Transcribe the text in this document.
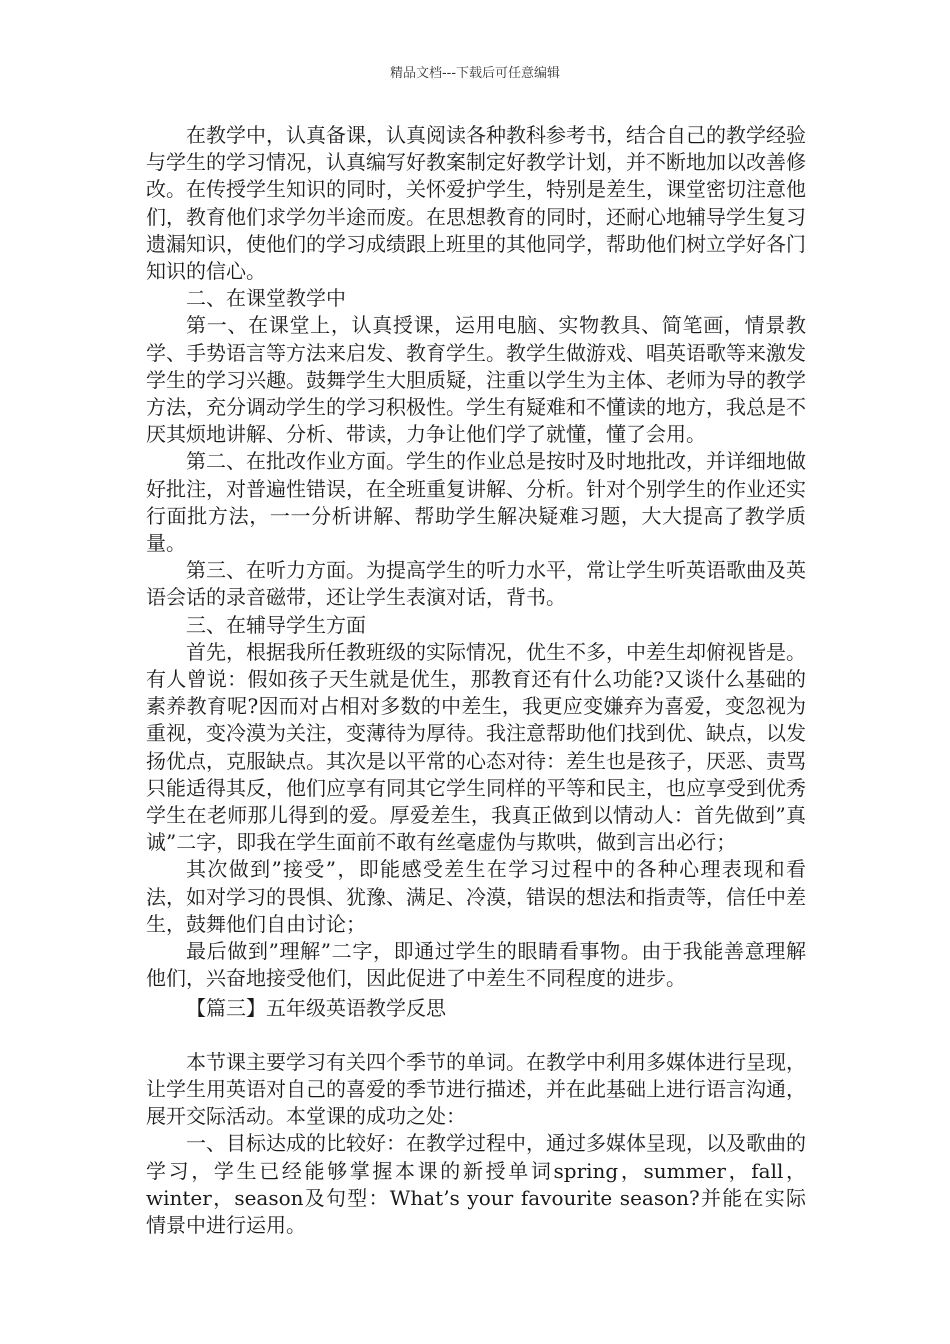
精品文档---下载后可任意编辑

在教学中，认真备课，认真阅读各种教科参考书，结合自己的教学经验与学生的学习情况，认真编写好教案制定好教学计划，并不断地加以改善修改。在传授学生知识的同时，关怀爱护学生，特别是差生，课堂密切注意他们，教育他们求学勿半途而废。在思想教育的同时，还耐心地辅导学生复习遗漏知识，使他们的学习成绩跟上班里的其他同学，帮助他们树立学好各门知识的信心。

二、在课堂教学中

第一、在课堂上，认真授课，运用电脑、实物教具、简笔画，情景教学、手势语言等方法来启发、教育学生。教学生做游戏、唱英语歌等来激发学生的学习兴趣。鼓舞学生大胆质疑，注重以学生为主体、老师为导的教学方法，充分调动学生的学习积极性。学生有疑难和不懂读的地方，我总是不厌其烦地讲解、分析、带读，力争让他们学了就懂，懂了会用。

第二、在批改作业方面。学生的作业总是按时及时地批改，并详细地做好批注，对普遍性错误，在全班重复讲解、分析。针对个别学生的作业还实行面批方法，一一分析讲解、帮助学生解决疑难习题，大大提高了教学质量。

第三、在听力方面。为提高学生的听力水平，常让学生听英语歌曲及英语会话的录音磁带，还让学生表演对话，背书。

三、在辅导学生方面

首先，根据我所任教班级的实际情况，优生不多，中差生却俯视皆是。有人曾说：假如孩子天生就是优生，那教育还有什么功能?又谈什么基础的素养教育呢?因而对占相对多数的中差生，我更应变嫌弃为喜爱，变忽视为重视，变冷漠为关注，变薄待为厚待。我注意帮助他们找到优、缺点，以发扬优点，克服缺点。其次是以平常的心态对待：差生也是孩子，厌恶、责骂只能适得其反，他们应享有同其它学生同样的平等和民主，也应享受到优秀学生在老师那儿得到的爱。厚爱差生，我真正做到以情动人：首先做到”真诚”二字，即我在学生面前不敢有丝毫虚伪与欺哄，做到言出必行；

其次做到”接受”，即能感受差生在学习过程中的各种心理表现和看法，如对学习的畏惧、犹豫、满足、冷漠，错误的想法和指责等，信任中差生，鼓舞他们自由讨论；

最后做到”理解”二字，即通过学生的眼睛看事物。由于我能善意理解他们，兴奋地接受他们，因此促进了中差生不同程度的进步。

【篇三】五年级英语教学反思

本节课主要学习有关四个季节的单词。在教学中利用多媒体进行呈现，让学生用英语对自己的喜爱的季节进行描述，并在此基础上进行语言沟通，展开交际活动。本堂课的成功之处：

一、目标达成的比较好：在教学过程中，通过多媒体呈现，以及歌曲的学习，学生已经能够掌握本课的新授单词spring，summer，fall，winter，season及句型：What’s your favourite season?并能在实际情景中进行运用。
